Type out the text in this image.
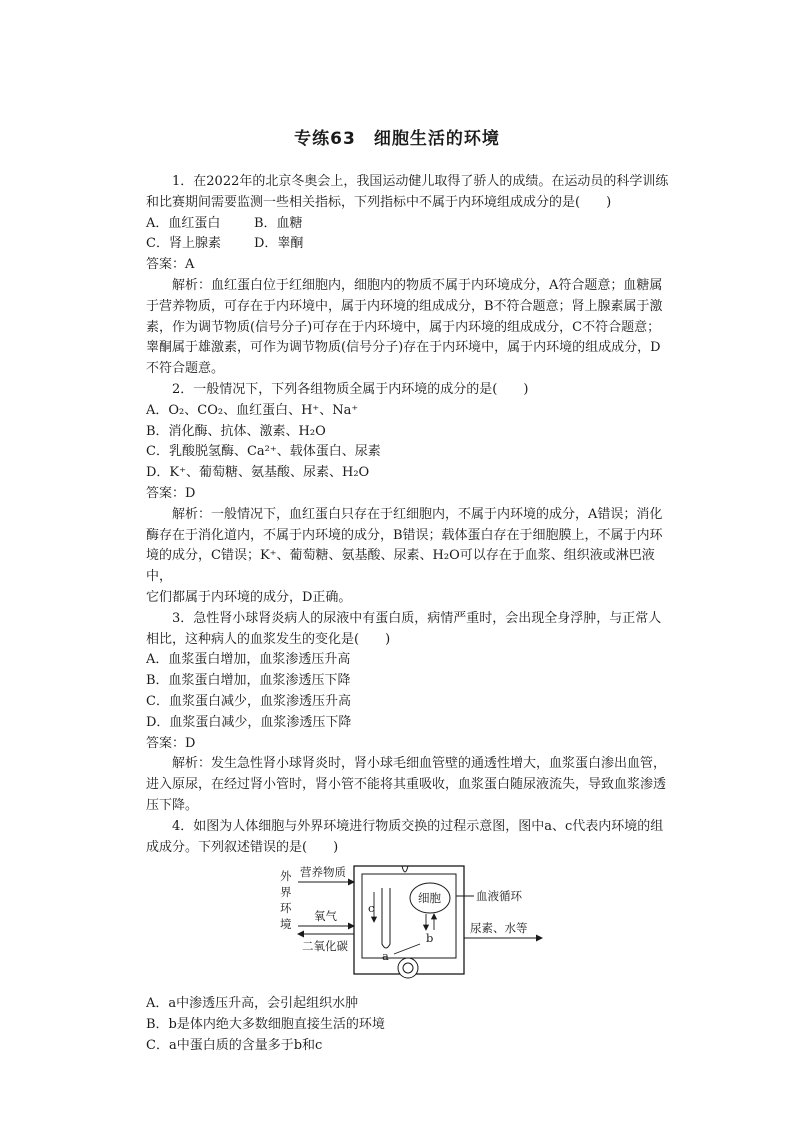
专练63　细胞生活的环境

1．在2022年的北京冬奥会上，我国运动健儿取得了骄人的成绩。在运动员的科学训练

和比赛期间需要监测一些相关指标，下列指标中不属于内环境组成成分的是(　　)

A．血红蛋白	B．血糖

C．肾上腺素	D．睾酮

答案：A

解析：血红蛋白位于红细胞内，细胞内的物质不属于内环境成分，A符合题意；血糖属

于营养物质，可存在于内环境中，属于内环境的组成成分，B不符合题意；肾上腺素属于激

素，作为调节物质(信号分子)可存在于内环境中，属于内环境的组成成分，C不符合题意；

睾酮属于雄激素，可作为调节物质(信号分子)存在于内环境中，属于内环境的组成成分，D

不符合题意。

2．一般情况下，下列各组物质全属于内环境的成分的是(　　)

A．O₂、CO₂、血红蛋白、H⁺、Na⁺

B．消化酶、抗体、激素、H₂O

C．乳酸脱氢酶、Ca²⁺、载体蛋白、尿素

D．K⁺、葡萄糖、氨基酸、尿素、H₂O

答案：D

解析：一般情况下，血红蛋白只存在于红细胞内，不属于内环境的成分，A错误；消化

酶存在于消化道内，不属于内环境的成分，B错误；载体蛋白存在于细胞膜上，不属于内环

境的成分，C错误；K⁺、葡萄糖、氨基酸、尿素、H₂O可以存在于血浆、组织液或淋巴液中，

它们都属于内环境的成分，D正确。

3．急性肾小球肾炎病人的尿液中有蛋白质，病情严重时，会出现全身浮肿，与正常人

相比，这种病人的血浆发生的变化是(　　)

A．血浆蛋白增加，血浆渗透压升高

B．血浆蛋白增加，血浆渗透压下降

C．血浆蛋白减少，血浆渗透压升高

D．血浆蛋白减少，血浆渗透压下降

答案：D

解析：发生急性肾小球肾炎时，肾小球毛细血管壁的通透性增大，血浆蛋白渗出血管，

进入原尿，在经过肾小管时，肾小管不能将其重吸收，血浆蛋白随尿液流失，导致血浆渗透

压下降。

4．如图为人体细胞与外界环境进行物质交换的过程示意图，图中a、c代表内环境的组

成成分。下列叙述错误的是(　　)

外
界
环
境
营养物质
氧气
二氧化碳
c
细胞
b
a
血液循环
尿素、水等

A．a中渗透压升高，会引起组织水肿

B．b是体内绝大多数细胞直接生活的环境

C．a中蛋白质的含量多于b和c
